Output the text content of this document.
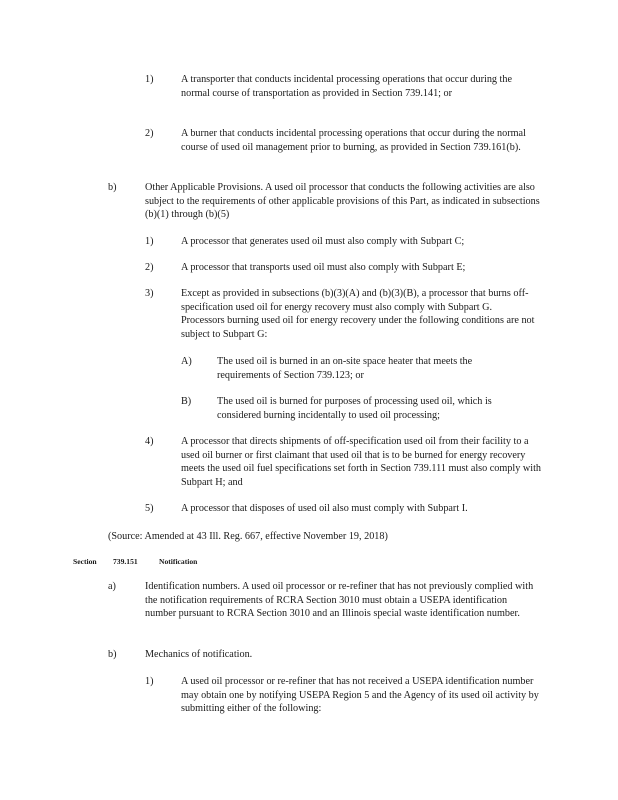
1)	A transporter that conducts incidental processing operations that occur during the normal course of transportation as provided in Section 739.141; or

2)	A burner that conducts incidental processing operations that occur during the normal course of used oil management prior to burning, as provided in Section 739.161(b).

b)	Other Applicable Provisions. A used oil processor that conducts the following activities are also subject to the requirements of other applicable provisions of this Part, as indicated in subsections (b)(1) through (b)(5)

1)	A processor that generates used oil must also comply with Subpart C;

2)	A processor that transports used oil must also comply with Subpart E;

3)	Except as provided in subsections (b)(3)(A) and (b)(3)(B), a processor that burns off-specification used oil for energy recovery must also comply with Subpart G. Processors burning used oil for energy recovery under the following conditions are not subject to Subpart G:

A) The used oil is burned in an on-site space heater that meets the requirements of Section 739.123; or

B)	The used oil is burned for purposes of processing used oil, which is considered burning incidentally to used oil processing;

4)	A processor that directs shipments of off-specification used oil from their facility to a used oil burner or first claimant that used oil that is to be burned for energy recovery meets the used oil fuel specifications set forth in Section 739.111 must also comply with Subpart H; and

5)	A processor that disposes of used oil also must comply with Subpart I.

(Source: Amended at 43 Ill. Reg. 667, effective November 19, 2018)

Section 739.151	Notification
a)	Identification numbers. A used oil processor or re-refiner that has not previously complied with the notification requirements of RCRA Section 3010 must obtain a USEPA identification number pursuant to RCRA Section 3010 and an Illinois special waste identification number.

b)	Mechanics of notification.

1)	A used oil processor or re-refiner that has not received a USEPA identification number may obtain one by notifying USEPA Region 5 and the Agency of its used oil activity by submitting either of the following:
